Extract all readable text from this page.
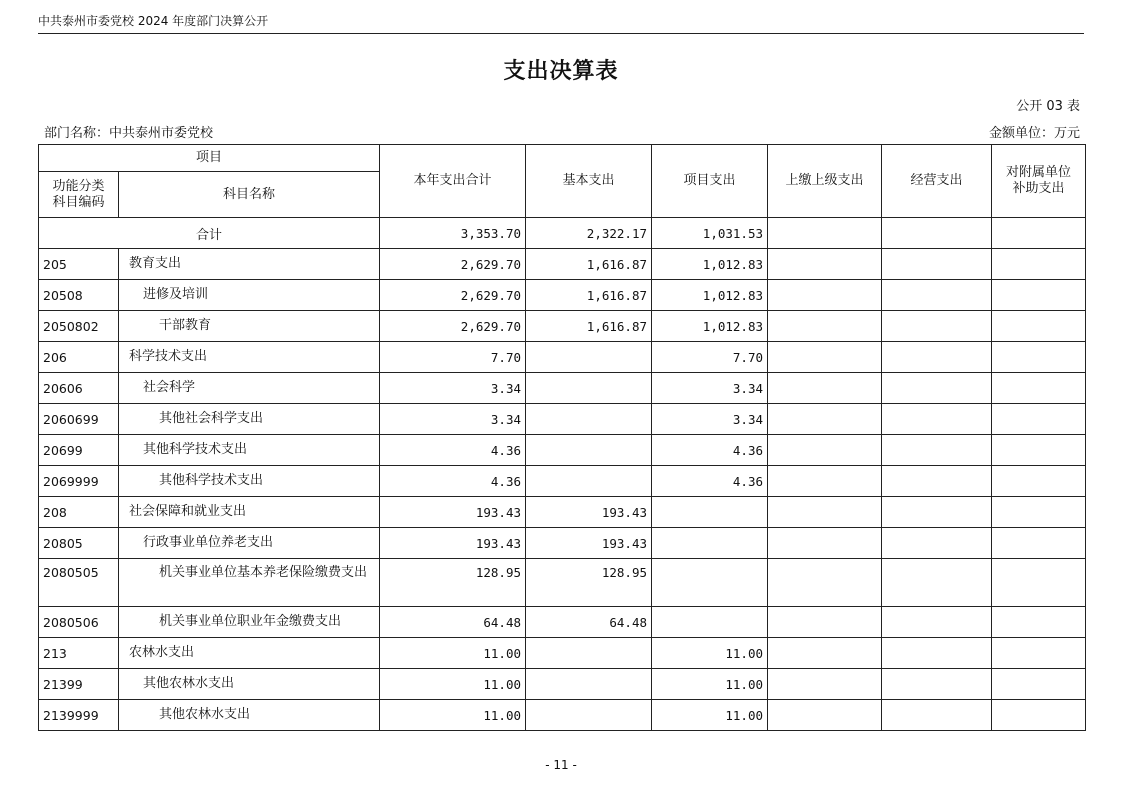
中共泰州市委党校 2024 年度部门决算公开
支出决算表
公开 03 表
部门名称：中共泰州市委党校	金额单位：万元
项目		本年支出合计	基本支出	项目支出	上缴上级支出	经营支出	对附属单位
补助支出
功能分类
科目编码	科目名称						
合计		3,353.70	2,322.17	1,031.53			
205	教育支出	2,629.70	1,616.87	1,012.83			
20508	进修及培训	2,629.70	1,616.87	1,012.83			
2050802	干部教育	2,629.70	1,616.87	1,012.83			
206	科学技术支出	7.70		7.70			
20606	社会科学	3.34		3.34			
2060699	其他社会科学支出	3.34		3.34			
20699	其他科学技术支出	4.36		4.36			
2069999	其他科学技术支出	4.36		4.36			
208	社会保障和就业支出	193.43	193.43				
20805	行政事业单位养老支出	193.43	193.43				
2080505	机关事业单位基本养老保险缴费支出	128.95	128.95				
2080506	机关事业单位职业年金缴费支出	64.48	64.48				
213	农林水支出	11.00		11.00			
21399	其他农林水支出	11.00		11.00			
2139999	其他农林水支出	11.00		11.00			
- 11 -
